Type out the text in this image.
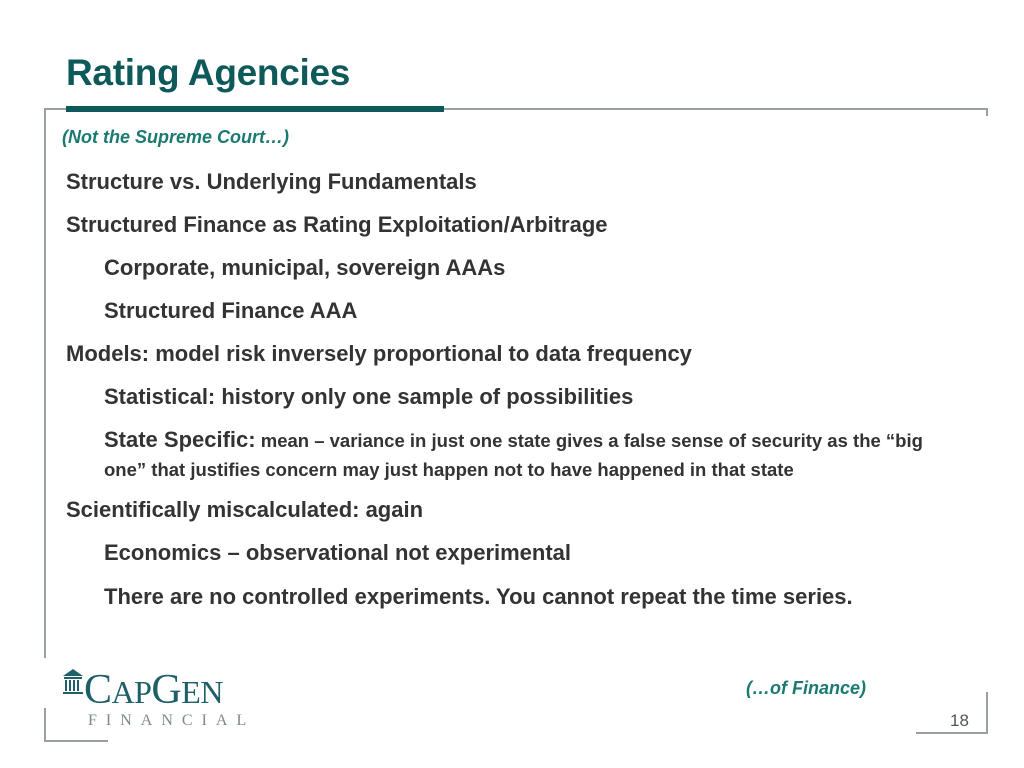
Rating Agencies
(Not the Supreme Court…)
Structure vs. Underlying Fundamentals
Structured Finance as Rating Exploitation/Arbitrage
Corporate, municipal, sovereign AAAs
Structured Finance AAA
Models: model risk inversely proportional to data frequency
Statistical: history only one sample of possibilities
State Specific: mean – variance in just one state gives a false sense of security as the “big one” that justifies concern may just happen not to have happened in that state
Scientifically miscalculated: again
Economics – observational not experimental
There are no controlled experiments. You cannot repeat the time series.
(…of Finance)
CAPGEN
FINANCIAL	18
